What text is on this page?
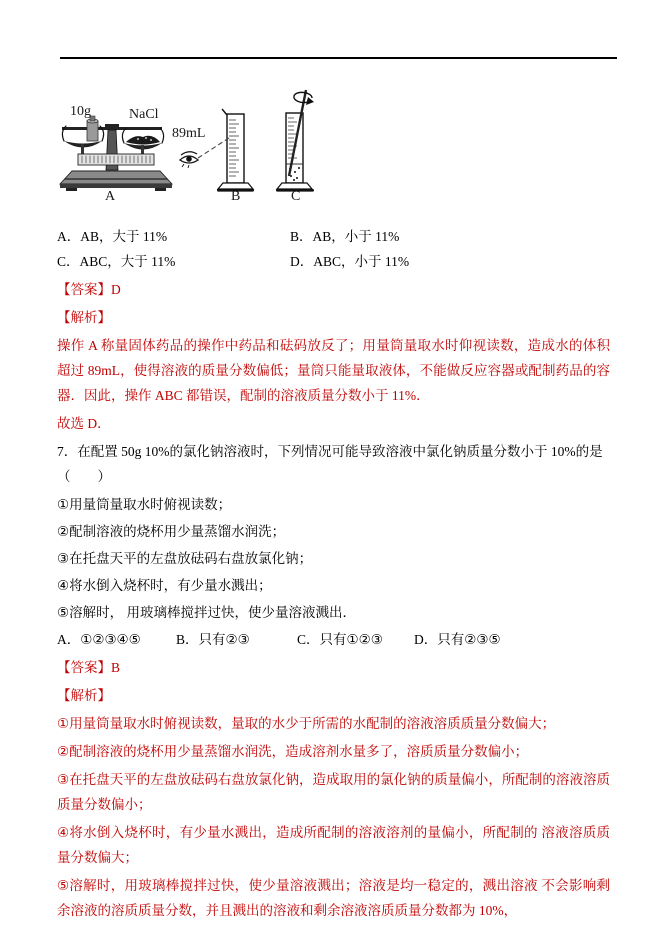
10g	NaCl
89mL
A	B	C
A．AB，大于 11%	B．AB，小于 11%
C．ABC，大于 11%	D．ABC，小于 11%

【答案】D

【解析】

操作 A 称量固体药品的操作中药品和砝码放反了；用量筒量取水时仰视读数，造成水的体积超过 89mL，使得溶液的质量分数偏低；量筒只能量取液体，不能做反应容器或配制药品的容器．因此，操作 ABC 都错误，配制的溶液质量分数小于 11%．

故选 D．

7．在配置 50g 10%的氯化钠溶液时，下列情况可能导致溶液中氯化钠质量分数小于 10%的是（　　）

①用量筒量取水时俯视读数；

②配制溶液的烧杯用少量蒸馏水润洗；

③在托盘天平的左盘放砝码右盘放氯化钠；

④将水倒入烧杯时，有少量水溅出；

⑤溶解时， 用玻璃棒搅拌过快，使少量溶液溅出．

A．①②③④⑤	B．只有②③	C．只有①②③	D．只有②③⑤

【答案】B

【解析】

①用量筒量取水时俯视读数，量取的水少于所需的水配制的溶液溶质质量分数偏大；

②配制溶液的烧杯用少量蒸馏水润洗，造成溶剂水量多了，溶质质量分数偏小；

③在托盘天平的左盘放砝码右盘放氯化钠，造成取用的氯化钠的质量偏小，所配制的溶液溶质质量分数偏小；

④将水倒入烧杯时，有少量水溅出，造成所配制的溶液溶剂的量偏小，所配制的 溶液溶质质量分数偏大；

⑤溶解时，用玻璃棒搅拌过快，使少量溶液溅出；溶液是均一稳定的，溅出溶液 不会影响剩余溶液的溶质质量分数，并且溅出的溶液和剩余溶液溶质质量分数都为 10%，
